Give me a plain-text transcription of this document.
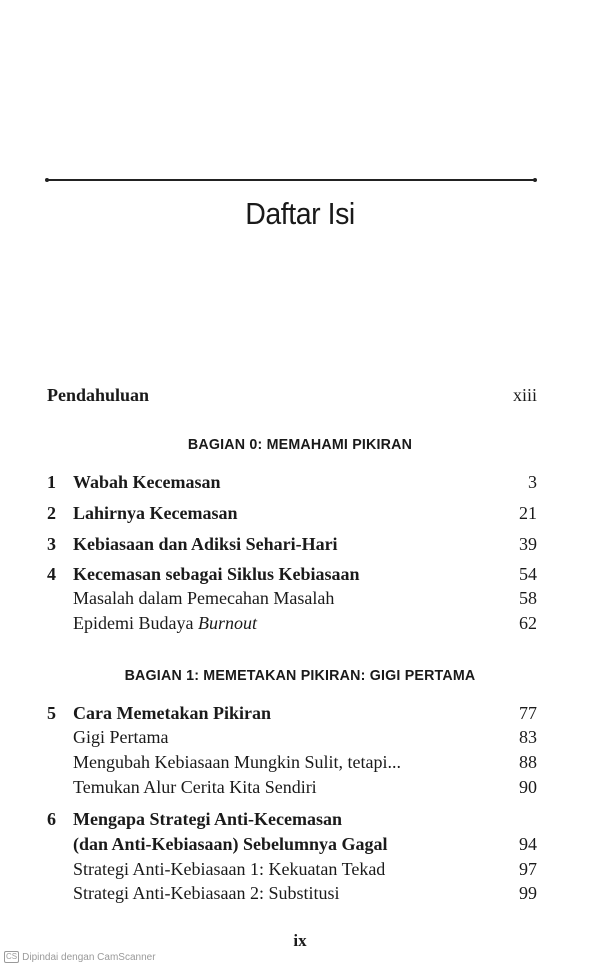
Daftar Isi
Pendahuluan	xiii
BAGIAN 0: MEMAHAMI PIKIRAN
1 Wabah Kecemasan	3
2 Lahirnya Kecemasan	21
3 Kebiasaan dan Adiksi Sehari-Hari	39
4 Kecemasan sebagai Siklus Kebiasaan	54
Masalah dalam Pemecahan Masalah	58
Epidemi Budaya Burnout	62
BAGIAN 1: MEMETAKAN PIKIRAN: GIGI PERTAMA
5 Cara Memetakan Pikiran	77
Gigi Pertama	83
Mengubah Kebiasaan Mungkin Sulit, tetapi...	88
Temukan Alur Cerita Kita Sendiri	90
6 Mengapa Strategi Anti-Kecemasan
(dan Anti-Kebiasaan) Sebelumnya Gagal	94
Strategi Anti-Kebiasaan 1: Kekuatan Tekad	97
Strategi Anti-Kebiasaan 2: Substitusi	99
ix
CS Dipindai dengan CamScanner
